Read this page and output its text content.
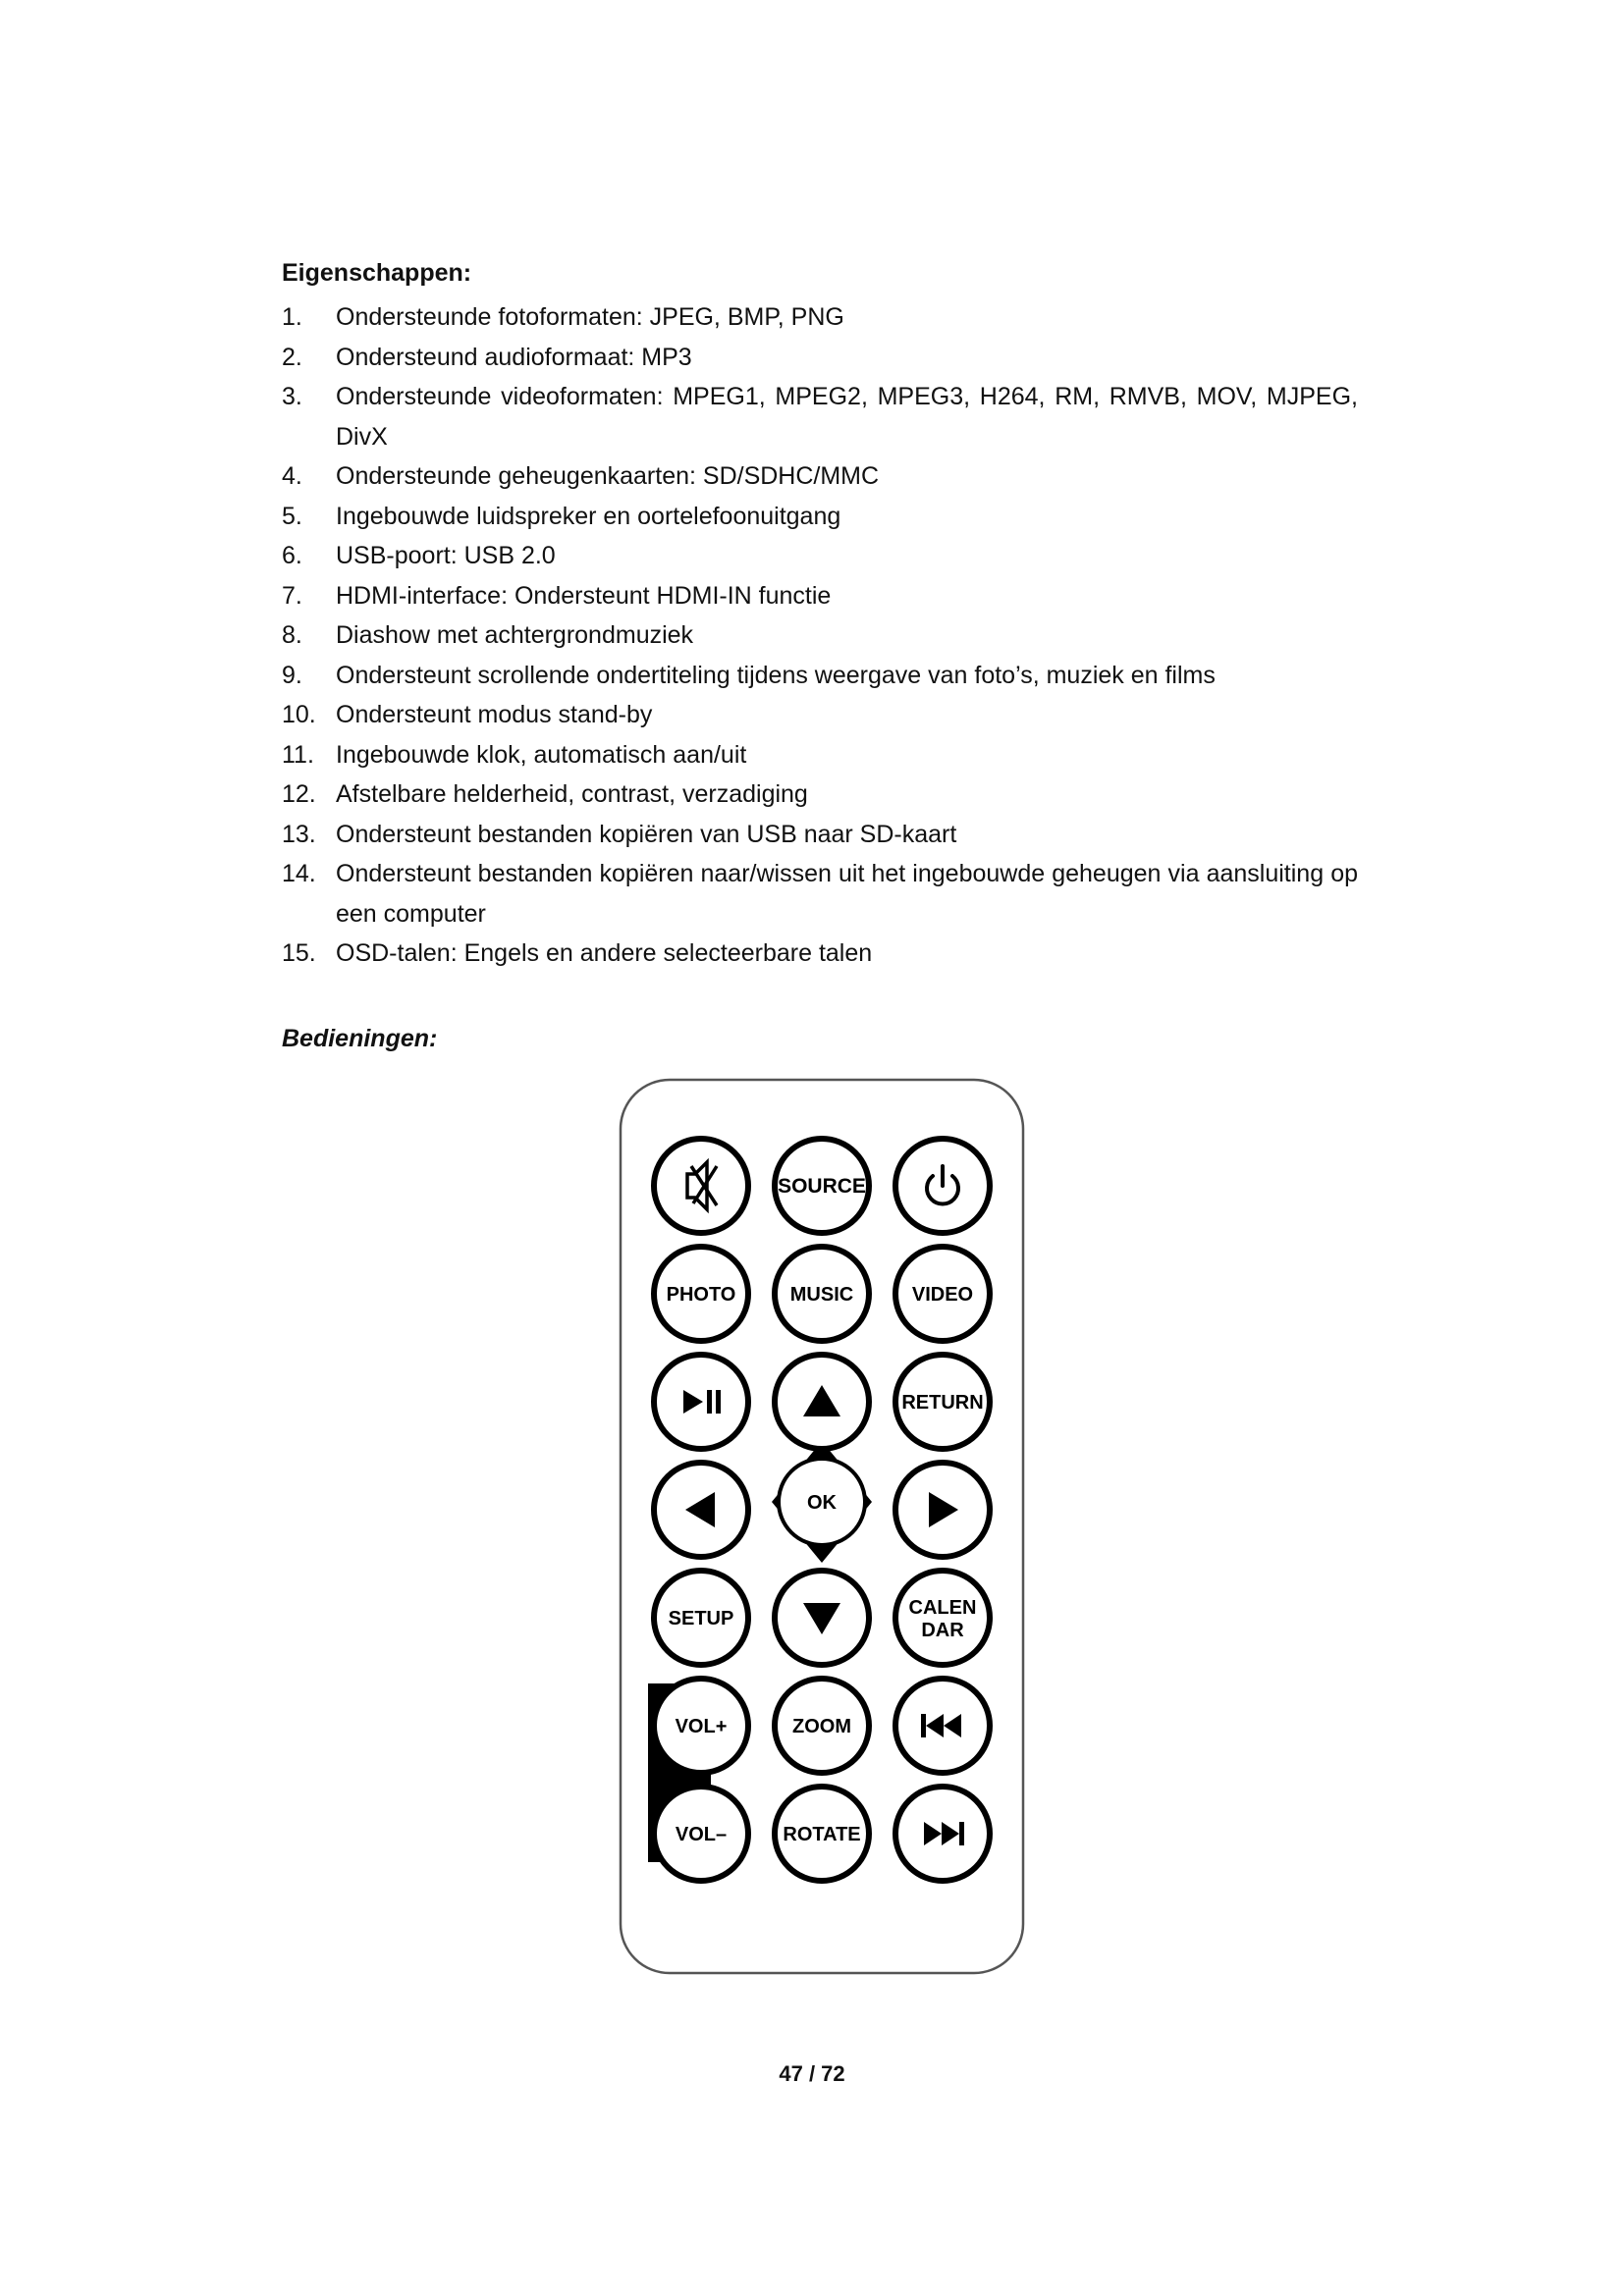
Eigenschappen:
1. Ondersteunde fotoformaten: JPEG, BMP, PNG
2. Ondersteund audioformaat: MP3
3. Ondersteunde videoformaten: MPEG1, MPEG2, MPEG3, H264, RM, RMVB, MOV, MJPEG, DivX
4. Ondersteunde geheugenkaarten: SD/SDHC/MMC
5. Ingebouwde luidspreker en oortelefoonuitgang
6. USB-poort: USB 2.0
7. HDMI-interface: Ondersteunt HDMI-IN functie
8. Diashow met achtergrondmuziek
9. Ondersteunt scrollende ondertiteling tijdens weergave van foto’s, muziek en films
10. Ondersteunt modus stand-by
11. Ingebouwde klok, automatisch aan/uit
12. Afstelbare helderheid, contrast, verzadiging
13. Ondersteunt bestanden kopiëren van USB naar SD-kaart
14. Ondersteunt bestanden kopiëren naar/wissen uit het ingebouwde geheugen via aansluiting op een computer
15. OSD-talen: Engels en andere selecteerbare talen
Bedieningen:
SOURCE
PHOTO	MUSIC	VIDEO
RETURN
OK
SETUP	CALEN
DAR
VOL+	ZOOM
VOL–	ROTATE
47 / 72
